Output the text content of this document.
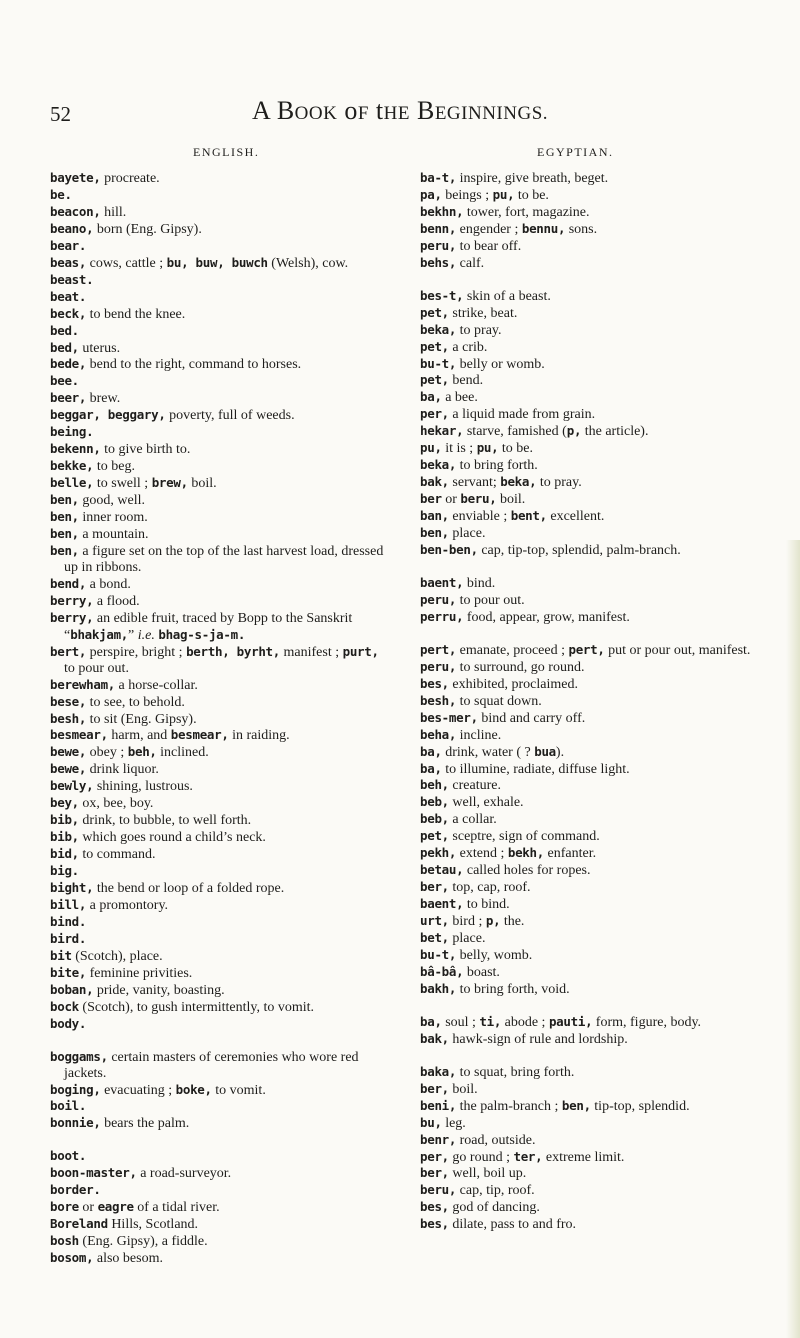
52	A BOOK oF tHE BEGINNINGS.
ENGLISH.	EGYPTIAN.
bayete, procreate.
be.
beacon, hill.
beano, born (Eng. Gipsy).
bear.
beas, cows, cattle ; bu, buw, buwch (Welsh), cow.
beast.
beat.
beck, to bend the knee.
bed.
bed, uterus.
bede, bend to the right, command to horses.
bee.
beer, brew.
beggar, beggary, poverty, full of weeds.
being.
bekenn, to give birth to.
bekke, to beg.
belle, to swell ; brew, boil.
ben, good, well.
ben, inner room.
ben, a mountain.
ben, a figure set on the top of the last harvest load, dressed up in ribbons.
bend, a bond.
berry, a flood.
berry, an edible fruit, traced by Bopp to the Sanskrit “bhakjam,” i.e. bhag-s-ja-m.
bert, perspire, bright ; berth, byrht, manifest ; purt, to pour out.
berewham, a horse-collar.
bese, to see, to behold.
besh, to sit (Eng. Gipsy).
besmear, harm, and besmear, in raiding.
bewe, obey ; beh, inclined.
bewe, drink liquor.
bewly, shining, lustrous.
bey, ox, bee, boy.
bib, drink, to bubble, to well forth.
bib, which goes round a child’s neck.
bid, to command.
big.
bight, the bend or loop of a folded rope.
bill, a promontory.
bind.
bird.
bit (Scotch), place.
bite, feminine privities.
boban, pride, vanity, boasting.
bock (Scotch), to gush intermittently, to vomit.
body.
boggams, certain masters of ceremonies who wore red jackets.
boging, evacuating ; boke, to vomit.
boil.
bonnie, bears the palm.
boot.
boon-master, a road-surveyor.
border.
bore or eagre of a tidal river.
Boreland Hills, Scotland.
bosh (Eng. Gipsy), a fiddle.
bosom, also besom.
ba-t, inspire, give breath, beget.
pa, beings ; pu, to be.
bekhn, tower, fort, magazine.
benn, engender ; bennu, sons.
peru, to bear off.
behs, calf.
bes-t, skin of a beast.
pet, strike, beat.
beka, to pray.
pet, a crib.
bu-t, belly or womb.
pet, bend.
ba, a bee.
per, a liquid made from grain.
hekar, starve, famished (p, the article).
pu, it is ; pu, to be.
beka, to bring forth.
bak, servant; beka, to pray.
ber or beru, boil.
ban, enviable ; bent, excellent.
ben, place.
ben-ben, cap, tip-top, splendid, palm-branch.
baent, bind.
peru, to pour out.
perru, food, appear, grow, manifest.
pert, emanate, proceed ; pert, put or pour out, manifest.
peru, to surround, go round.
bes, exhibited, proclaimed.
besh, to squat down.
bes-mer, bind and carry off.
beha, incline.
ba, drink, water ( ? bua).
ba, to illumine, radiate, diffuse light.
beh, creature.
beb, well, exhale.
beb, a collar.
pet, sceptre, sign of command.
pekh, extend ; bekh, enfanter.
betau, called holes for ropes.
ber, top, cap, roof.
baent, to bind.
urt, bird ; p, the.
bet, place.
bu-t, belly, womb.
bâ-bâ, boast.
bakh, to bring forth, void.
ba, soul ; ti, abode ; pauti, form, figure, body.
bak, hawk-sign of rule and lordship.
baka, to squat, bring forth.
ber, boil.
beni, the palm-branch ; ben, tip-top, splendid.
bu, leg.
benr, road, outside.
per, go round ; ter, extreme limit.
ber, well, boil up.
beru, cap, tip, roof.
bes, god of dancing.
bes, dilate, pass to and fro.
